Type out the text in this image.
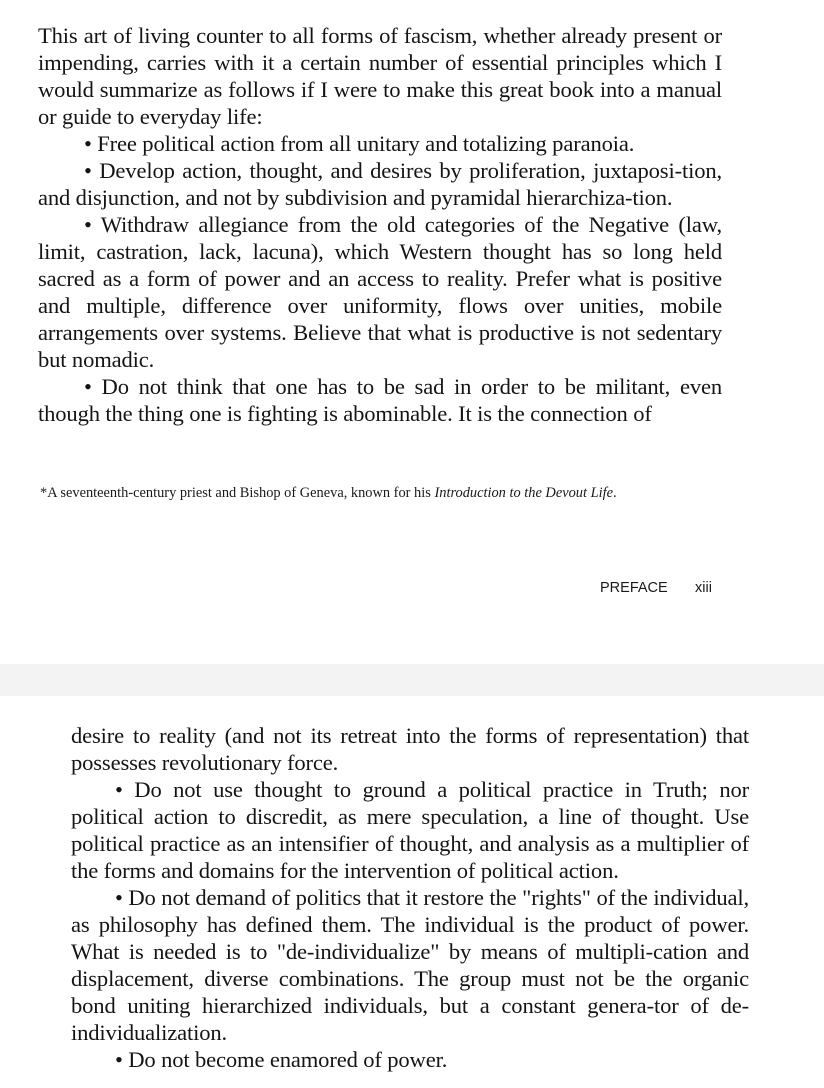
This art of living counter to all forms of fascism, whether already present or impending, carries with it a certain number of essential principles which I would summarize as follows if I were to make this great book into a manual or guide to everyday life:

• Free political action from all unitary and totalizing paranoia.

• Develop action, thought, and desires by proliferation, juxtaposi-tion, and disjunction, and not by subdivision and pyramidal hierarchiza-tion.

• Withdraw allegiance from the old categories of the Negative (law, limit, castration, lack, lacuna), which Western thought has so long held sacred as a form of power and an access to reality. Prefer what is positive and multiple, difference over uniformity, flows over unities, mobile arrangements over systems. Believe that what is productive is not sedentary but nomadic.

• Do not think that one has to be sad in order to be militant, even though the thing one is fighting is abominable. It is the connection of

*A seventeenth-century priest and Bishop of Geneva, known for his Introduction to the Devout Life.
PREFACE xiii

desire to reality (and not its retreat into the forms of representation) that possesses revolutionary force.

• Do not use thought to ground a political practice in Truth; nor political action to discredit, as mere speculation, a line of thought. Use political practice as an intensifier of thought, and analysis as a multiplier of the forms and domains for the intervention of political action.

• Do not demand of politics that it restore the "rights" of the individual, as philosophy has defined them. The individual is the product of power. What is needed is to "de-individualize" by means of multipli-cation and displacement, diverse combinations. The group must not be the organic bond uniting hierarchized individuals, but a constant genera-tor of de-individualization.

• Do not become enamored of power.
